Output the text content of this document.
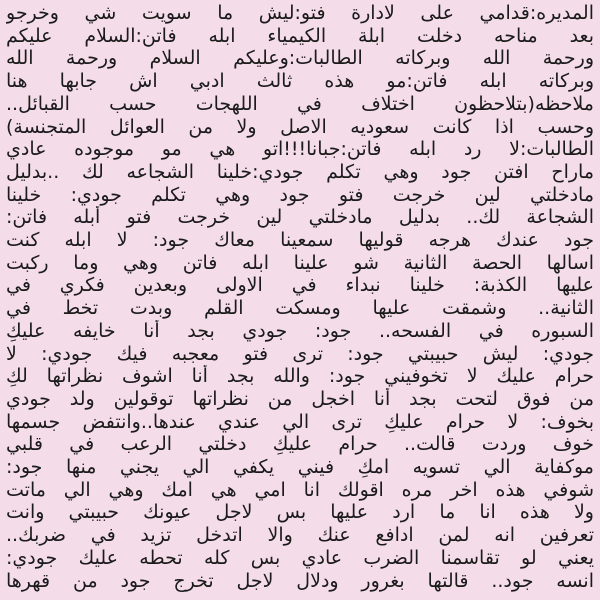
المديره:قدامي على لادارة فتو:ليش ما سويت شي وخرجو
بعد مناحه دخلت ابلة الكيمياء ابله فاتن:السلام عليكم
ورحمة الله وبركاته الطالبات:وعليكم السلام ورحمة الله
وبركاته ابله فاتن:مو هذه ثالث ادبي اش جابها هنا
ملاحظه(بتلاحظون اختلاف في اللهجات حسب القبائل..
وحسب اذا كانت سعوديه الاصل ولا من العوائل المتجنسة)
الطالبات:لا رد ابله فاتن:جبانا!!!اتو هي مو موجوده عادي
ماراح افتن جود وهي تكلم جودي:خلينا الشجاعه لك ..بدليل
مادخلتي لين خرجت فتو جود وهي تكلم جودي: خلينا
الشجاعة لك.. بدليل مادخلتي لين خرجت فتو أبله فاتن:
جود عندك هرجه قوليها سمعينا معاك جود: لا ابله كنت
اسالها الحصة الثانية شو علينا ابله فاتن وهي وما ركبت
عليها الكذبة: خلينا نبداء في الاولى وبعدين فكري في
الثانية.. وشمقت عليها ومسكت القلم وبدت تخط في
السبوره في الفسحه.. جود: جودي بجد أنا خايفه عليكِ
جودي: ليش حبيبتي جود: ترى فتو معجبه فيك جودي: لا
حرام عليك لا تخوفيني جود: والله بجد أنا اشوف نظراتها لكِ
من فوق لتحت بجد أنا اخجل من نظراتها توقولين ولد جودي
بخوف: لا حرام عليكِ ترى الي عندي عندها..وانتفض جسمها
خوف وردت قالت.. حرام عليكِ دخلتي الرعب في قلبي
موكفاية الي تسويه امكِ فيني يكفي الي يجني منها جود:
شوفي هذه اخر مره اقولك انا امي هي امك وهي الي ماتت
ولا هذه انا ما ارد عليها بس لاجل عيونك حبيبتي وانت
تعرفين انه لمن ادافع عنك والا اتدخل تزيد في ضربك..
يعني لو تقاسمنا الضرب عادي بس كله تحطه عليك جودي:
انسه جود.. قالتها بغرور ودلال لاجل تخرج جود من قهرها
